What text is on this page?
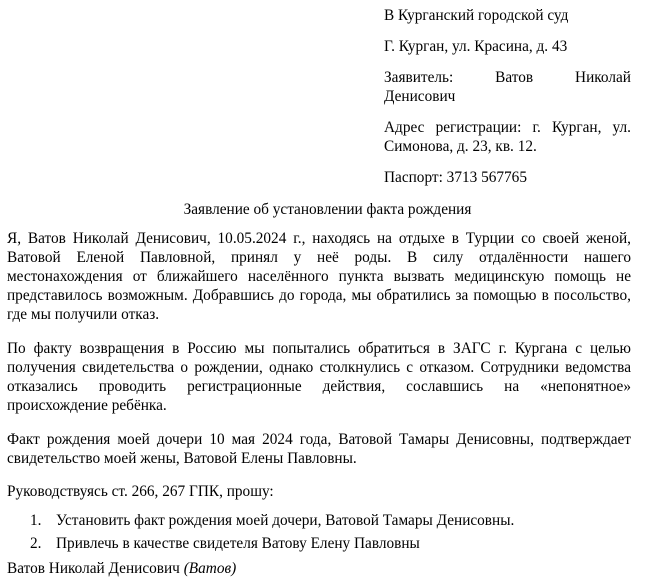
В Курганский городской суд
Г. Курган, ул. Красина, д. 43
Заявитель:	Ватов	Николай
Денисович
Адрес регистрации: г. Курган, ул.
Симонова, д. 23, кв. 12.
Паспорт: 3713 567765
Заявление об установлении факта рождения
Я, Ватов Николай Денисович, 10.05.2024 г., находясь на отдыхе в Турции со своей женой, Ватовой Еленой Павловной, принял у неё роды. В силу отдалённости нашего местонахождения от ближайшего населённого пункта вызвать медицинскую помощь не представилось возможным. Добравшись до города, мы обратились за помощью в посольство, где мы получили отказ.
По факту возвращения в Россию мы попытались обратиться в ЗАГС г. Кургана с целью получения свидетельства о рождении, однако столкнулись с отказом. Сотрудники ведомства отказались проводить регистрационные действия, сославшись на «непонятное» происхождение ребёнка.
Факт рождения моей дочери 10 мая 2024 года, Ватовой Тамары Денисовны, подтверждает свидетельство моей жены, Ватовой Елены Павловны.
Руководствуясь ст. 266, 267 ГПК, прошу:
1. Установить факт рождения моей дочери, Ватовой Тамары Денисовны.
2. Привлечь в качестве свидетеля Ватову Елену Павловны
Ватов Николай Денисович (Ватов)
